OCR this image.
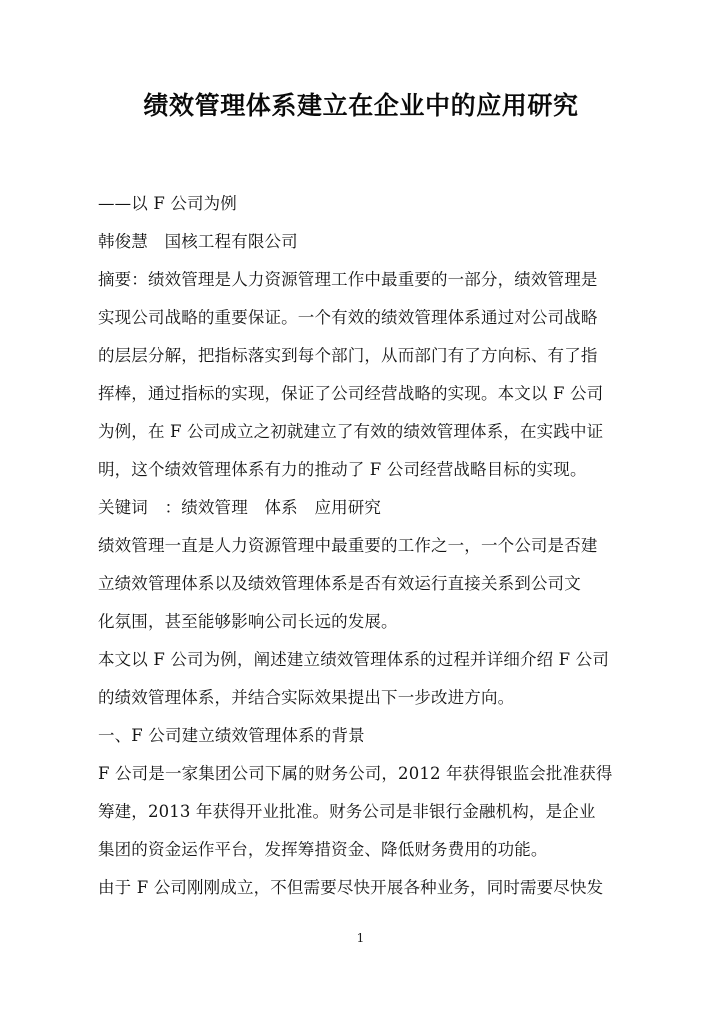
绩效管理体系建立在企业中的应用研究
——以 F 公司为例
韩俊慧　国核工程有限公司
摘要：绩效管理是人力资源管理工作中最重要的一部分，绩效管理是
实现公司战略的重要保证。一个有效的绩效管理体系通过对公司战略
的层层分解，把指标落实到每个部门，从而部门有了方向标、有了指
挥棒，通过指标的实现，保证了公司经营战略的实现。本文以 F 公司
为例，在 F 公司成立之初就建立了有效的绩效管理体系，在实践中证
明，这个绩效管理体系有力的推动了 F 公司经营战略目标的实现。
关键词　：绩效管理　体系　应用研究
绩效管理一直是人力资源管理中最重要的工作之一，一个公司是否建
立绩效管理体系以及绩效管理体系是否有效运行直接关系到公司文
化氛围，甚至能够影响公司长远的发展。
本文以 F 公司为例，阐述建立绩效管理体系的过程并详细介绍 F 公司
的绩效管理体系，并结合实际效果提出下一步改进方向。
一、F 公司建立绩效管理体系的背景
F 公司是一家集团公司下属的财务公司，2012 年获得银监会批准获得
筹建，2013 年获得开业批准。财务公司是非银行金融机构，是企业
集团的资金运作平台，发挥筹措资金、降低财务费用的功能。
由于 F 公司刚刚成立，不但需要尽快开展各种业务，同时需要尽快发
1
